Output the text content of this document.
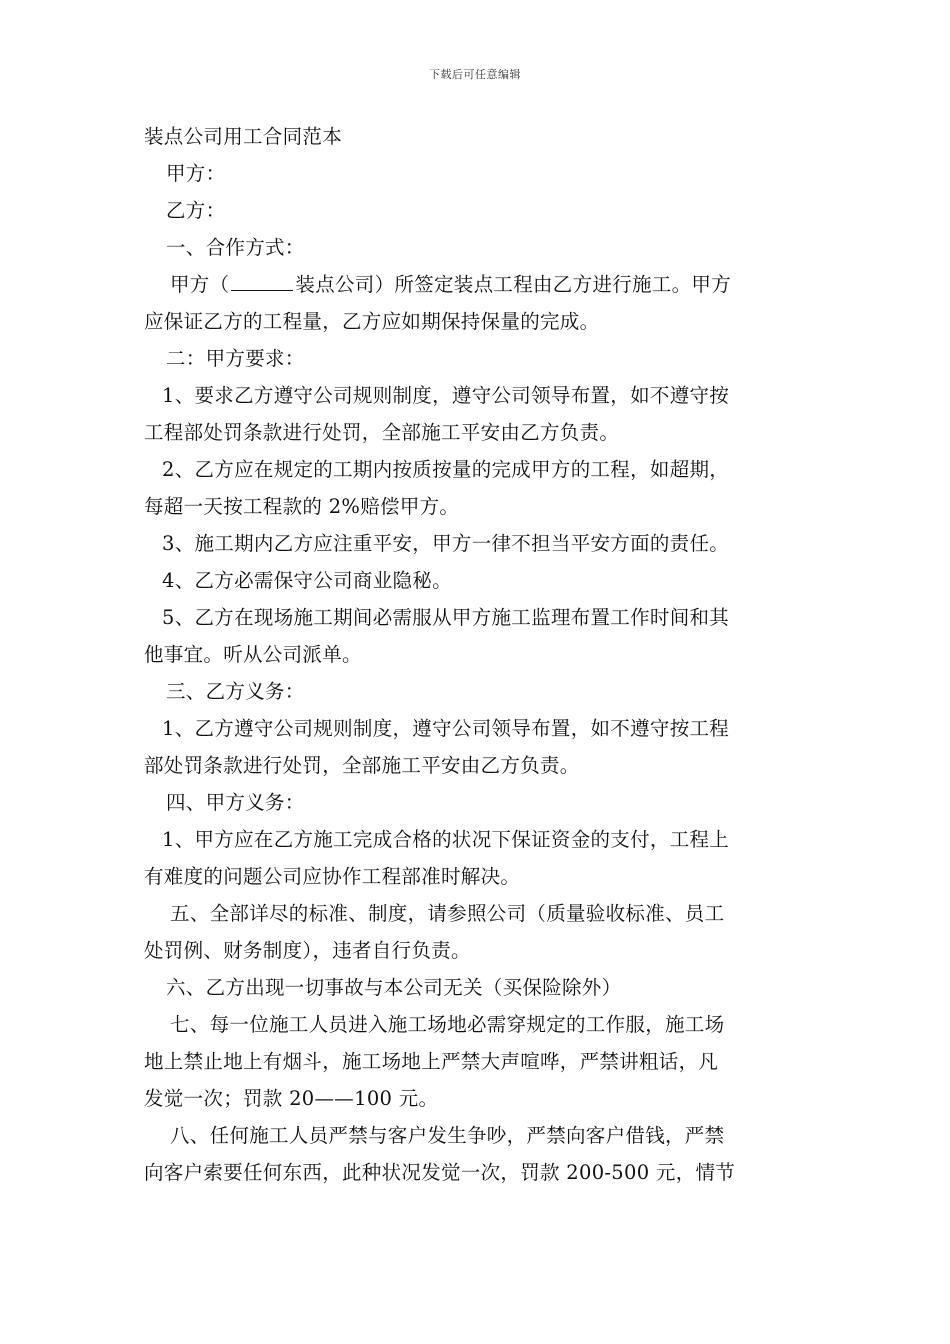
下载后可任意编辑
装点公司用工合同范本
甲方：
乙方：
一、合作方式：
甲方（	装点公司）所签定装点工程由乙方进行施工。甲方
应保证乙方的工程量，乙方应如期保持保量的完成。
二：甲方要求：
1、要求乙方遵守公司规则制度，遵守公司领导布置，如不遵守按
工程部处罚条款进行处罚，全部施工平安由乙方负责。
2、乙方应在规定的工期内按质按量的完成甲方的工程，如超期，
每超一天按工程款的 2%赔偿甲方。
3、施工期内乙方应注重平安，甲方一律不担当平安方面的责任。
4、乙方必需保守公司商业隐秘。
5、乙方在现场施工期间必需服从甲方施工监理布置工作时间和其
他事宜。听从公司派单。
三、乙方义务：
1、乙方遵守公司规则制度，遵守公司领导布置，如不遵守按工程
部处罚条款进行处罚，全部施工平安由乙方负责。
四、甲方义务：
1、甲方应在乙方施工完成合格的状况下保证资金的支付，工程上
有难度的问题公司应协作工程部准时解决。
五、全部详尽的标准、制度，请参照公司（质量验收标准、员工
处罚例、财务制度），违者自行负责。
六、乙方出现一切事故与本公司无关（买保险除外）
七、每一位施工人员进入施工场地必需穿规定的工作服，施工场
地上禁止地上有烟斗，施工场地上严禁大声喧哗，严禁讲粗话，凡
发觉一次；罚款 20——100 元。
八、任何施工人员严禁与客户发生争吵，严禁向客户借钱，严禁
向客户索要任何东西，此种状况发觉一次，罚款 200-500 元，情节
